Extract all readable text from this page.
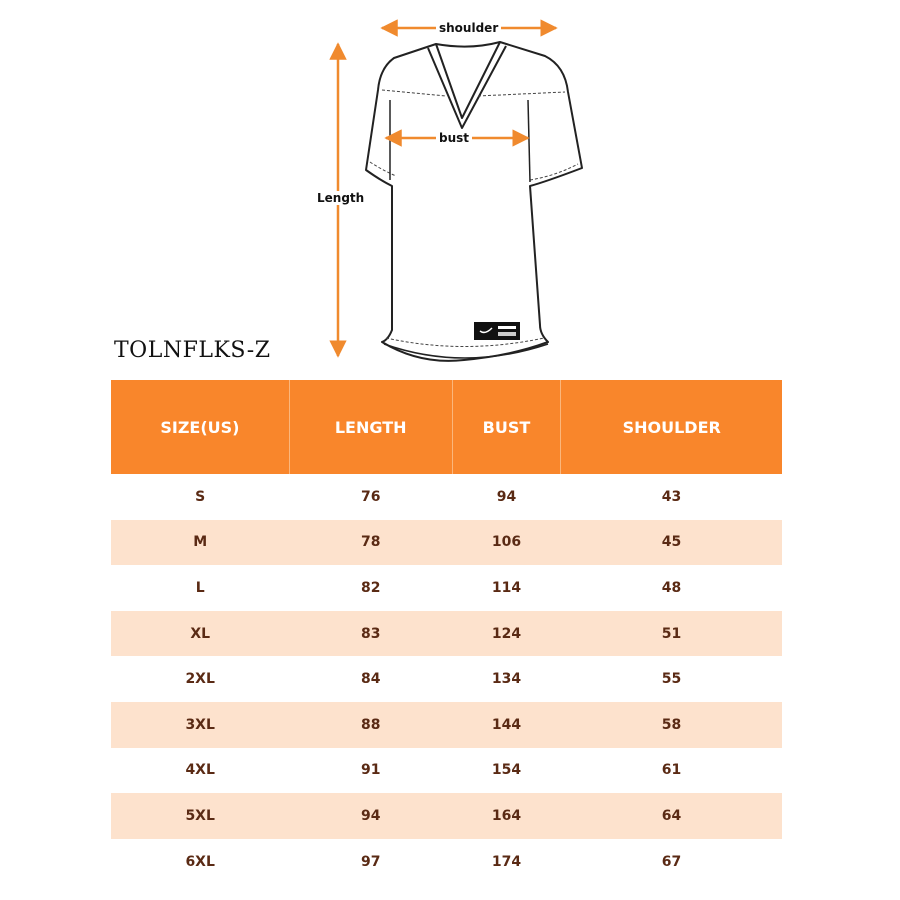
shoulder
bust
Length
TOLNFLKS-Z
SIZE(US)	LENGTH	BUST	SHOULDER
S	76	94	43
M	78	106	45
L	82	114	48
XL	83	124	51
2XL	84	134	55
3XL	88	144	58
4XL	91	154	61
5XL	94	164	64
6XL	97	174	67
